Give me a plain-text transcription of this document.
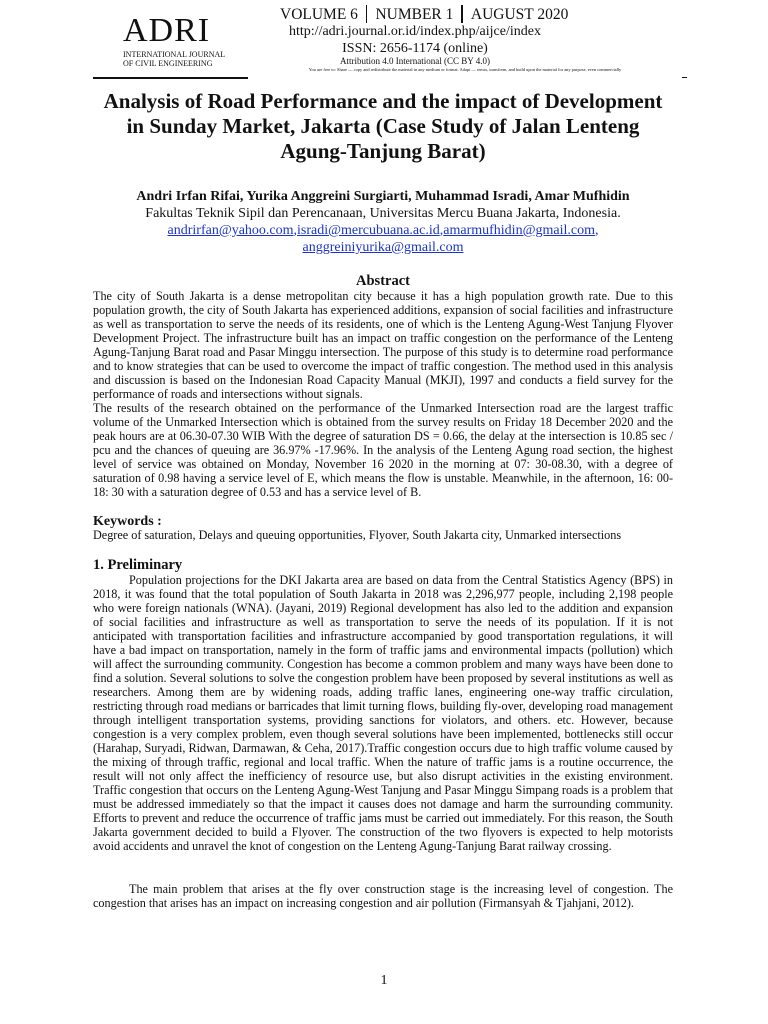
ADRI
INTERNATIONAL JOURNAL
OF CIVIL ENGINEERING
VOLUME 6 NUMBER 1 AUGUST 2020
http://adri.journal.or.id/index.php/aijce/index
ISSN: 2656-1174 (online)
Attribution 4.0 International (CC BY 4.0)
You are free to: Share — copy and redistribute the material in any medium or format. Adapt — remix, transform, and build upon the material for any purpose, even commercially
Analysis of Road Performance and the impact of Development in Sunday Market, Jakarta (Case Study of Jalan Lenteng Agung-Tanjung Barat)
Andri Irfan Rifai, Yurika Anggreini Surgiarti, Muhammad Isradi, Amar Mufhidin
Fakultas Teknik Sipil dan Perencanaan, Universitas Mercu Buana Jakarta, Indonesia.
andrirfan@yahoo.com,isradi@mercubuana.ac.id,amarmufhidin@gmail.com,
anggreiniyurika@gmail.com
Abstract
The city of South Jakarta is a dense metropolitan city because it has a high population growth rate. Due to this population growth, the city of South Jakarta has experienced additions, expansion of social facilities and infrastructure as well as transportation to serve the needs of its residents, one of which is the Lenteng Agung-West Tanjung Flyover Development Project. The infrastructure built has an impact on traffic congestion on the performance of the Lenteng Agung-Tanjung Barat road and Pasar Minggu intersection. The purpose of this study is to determine road performance and to know strategies that can be used to overcome the impact of traffic congestion. The method used in this analysis and discussion is based on the Indonesian Road Capacity Manual (MKJI), 1997 and conducts a field survey for the performance of roads and intersections without signals.
The results of the research obtained on the performance of the Unmarked Intersection road are the largest traffic volume of the Unmarked Intersection which is obtained from the survey results on Friday 18 December 2020 and the peak hours are at 06.30-07.30 WIB With the degree of saturation DS = 0.66, the delay at the intersection is 10.85 sec / pcu and the chances of queuing are 36.97% -17.96%. In the analysis of the Lenteng Agung road section, the highest level of service was obtained on Monday, November 16 2020 in the morning at 07: 30-08.30, with a degree of saturation of 0.98 having a service level of E, which means the flow is unstable. Meanwhile, in the afternoon, 16: 00-18: 30 with a saturation degree of 0.53 and has a service level of B.
Keywords :
Degree of saturation, Delays and queuing opportunities, Flyover, South Jakarta city, Unmarked intersections
1. Preliminary
Population projections for the DKI Jakarta area are based on data from the Central Statistics Agency (BPS) in 2018, it was found that the total population of South Jakarta in 2018 was 2,296,977 people, including 2,198 people who were foreign nationals (WNA). (Jayani, 2019) Regional development has also led to the addition and expansion of social facilities and infrastructure as well as transportation to serve the needs of its population. If it is not anticipated with transportation facilities and infrastructure accompanied by good transportation regulations, it will have a bad impact on transportation, namely in the form of traffic jams and environmental impacts (pollution) which will affect the surrounding community. Congestion has become a common problem and many ways have been done to find a solution. Several solutions to solve the congestion problem have been proposed by several institutions as well as researchers. Among them are by widening roads, adding traffic lanes, engineering one-way traffic circulation, restricting through road medians or barricades that limit turning flows, building fly-over, developing road management through intelligent transportation systems, providing sanctions for violators, and others. etc. However, because congestion is a very complex problem, even though several solutions have been implemented, bottlenecks still occur (Harahap, Suryadi, Ridwan, Darmawan, & Ceha, 2017).Traffic congestion occurs due to high traffic volume caused by the mixing of through traffic, regional and local traffic. When the nature of traffic jams is a routine occurrence, the result will not only affect the inefficiency of resource use, but also disrupt activities in the existing environment. Traffic congestion that occurs on the Lenteng Agung-West Tanjung and Pasar Minggu Simpang roads is a problem that must be addressed immediately so that the impact it causes does not damage and harm the surrounding community. Efforts to prevent and reduce the occurrence of traffic jams must be carried out immediately. For this reason, the South Jakarta government decided to build a Flyover. The construction of the two flyovers is expected to help motorists avoid accidents and unravel the knot of congestion on the Lenteng Agung-Tanjung Barat railway crossing.
The main problem that arises at the fly over construction stage is the increasing level of congestion. The congestion that arises has an impact on increasing congestion and air pollution (Firmansyah & Tjahjani, 2012).
1
